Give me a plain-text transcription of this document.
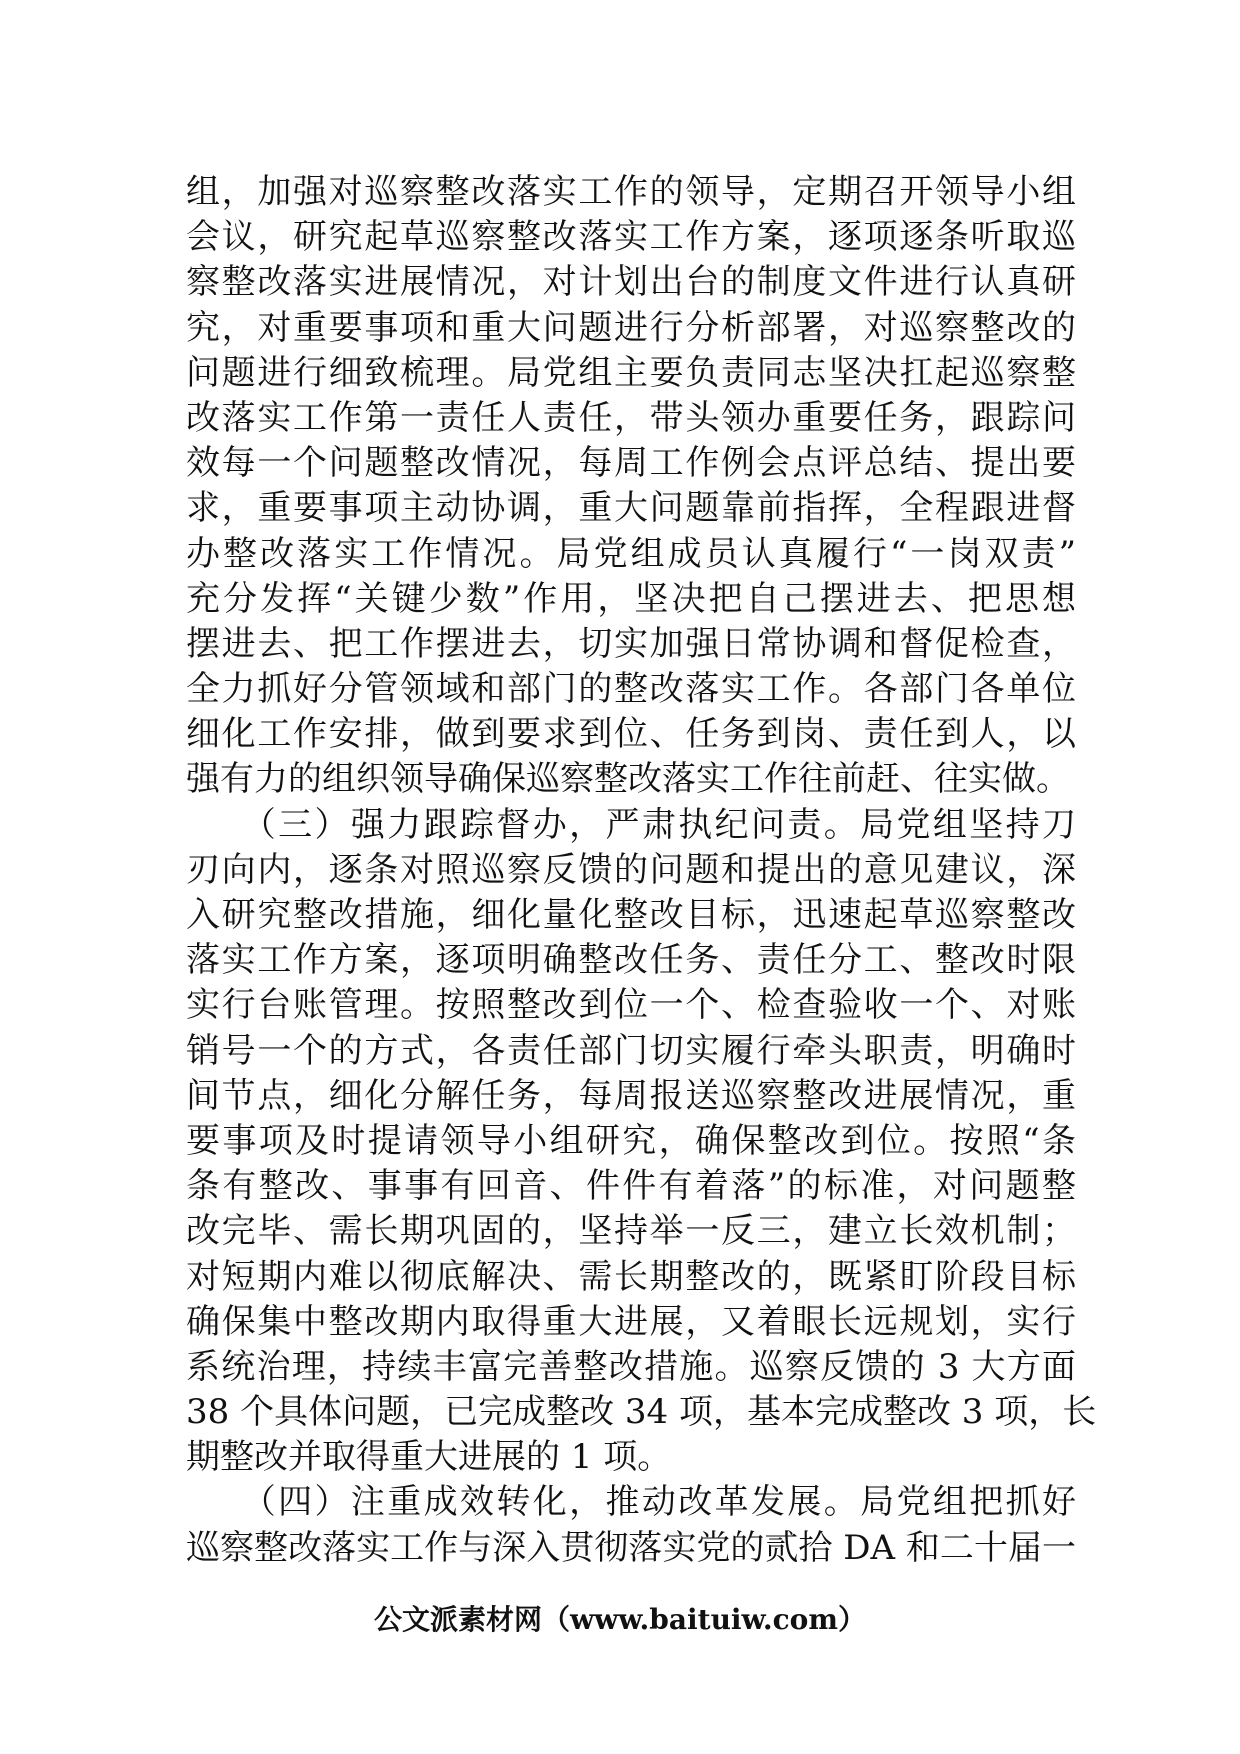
组，加强对巡察整改落实工作的领导，定期召开领导小组
会议，研究起草巡察整改落实工作方案，逐项逐条听取巡
察整改落实进展情况，对计划出台的制度文件进行认真研
究，对重要事项和重大问题进行分析部署，对巡察整改的
问题进行细致梳理。局党组主要负责同志坚决扛起巡察整
改落实工作第一责任人责任，带头领办重要任务，跟踪问
效每一个问题整改情况，每周工作例会点评总结、提出要
求，重要事项主动协调，重大问题靠前指挥，全程跟进督
办整改落实工作情况。局党组成员认真履行“一岗双责”
充分发挥“关键少数”作用，坚决把自己摆进去、把思想
摆进去、把工作摆进去，切实加强日常协调和督促检查，
全力抓好分管领域和部门的整改落实工作。各部门各单位
细化工作安排，做到要求到位、任务到岗、责任到人，以
强有力的组织领导确保巡察整改落实工作往前赶、往实做。
　　（三）强力跟踪督办，严肃执纪问责。局党组坚持刀
刃向内，逐条对照巡察反馈的问题和提出的意见建议，深
入研究整改措施，细化量化整改目标，迅速起草巡察整改
落实工作方案，逐项明确整改任务、责任分工、整改时限
实行台账管理。按照整改到位一个、检查验收一个、对账
销号一个的方式，各责任部门切实履行牵头职责，明确时
间节点，细化分解任务，每周报送巡察整改进展情况，重
要事项及时提请领导小组研究，确保整改到位。按照“条
条有整改、事事有回音、件件有着落”的标准，对问题整
改完毕、需长期巩固的，坚持举一反三，建立长效机制；
对短期内难以彻底解决、需长期整改的，既紧盯阶段目标
确保集中整改期内取得重大进展，又着眼长远规划，实行
系统治理，持续丰富完善整改措施。巡察反馈的 3 大方面
38 个具体问题，已完成整改 34 项，基本完成整改 3 项，长
期整改并取得重大进展的 1 项。
　　（四）注重成效转化，推动改革发展。局党组把抓好
巡察整改落实工作与深入贯彻落实党的贰拾 DA 和二十届一
公文派素材网（www.baituiw.com）
